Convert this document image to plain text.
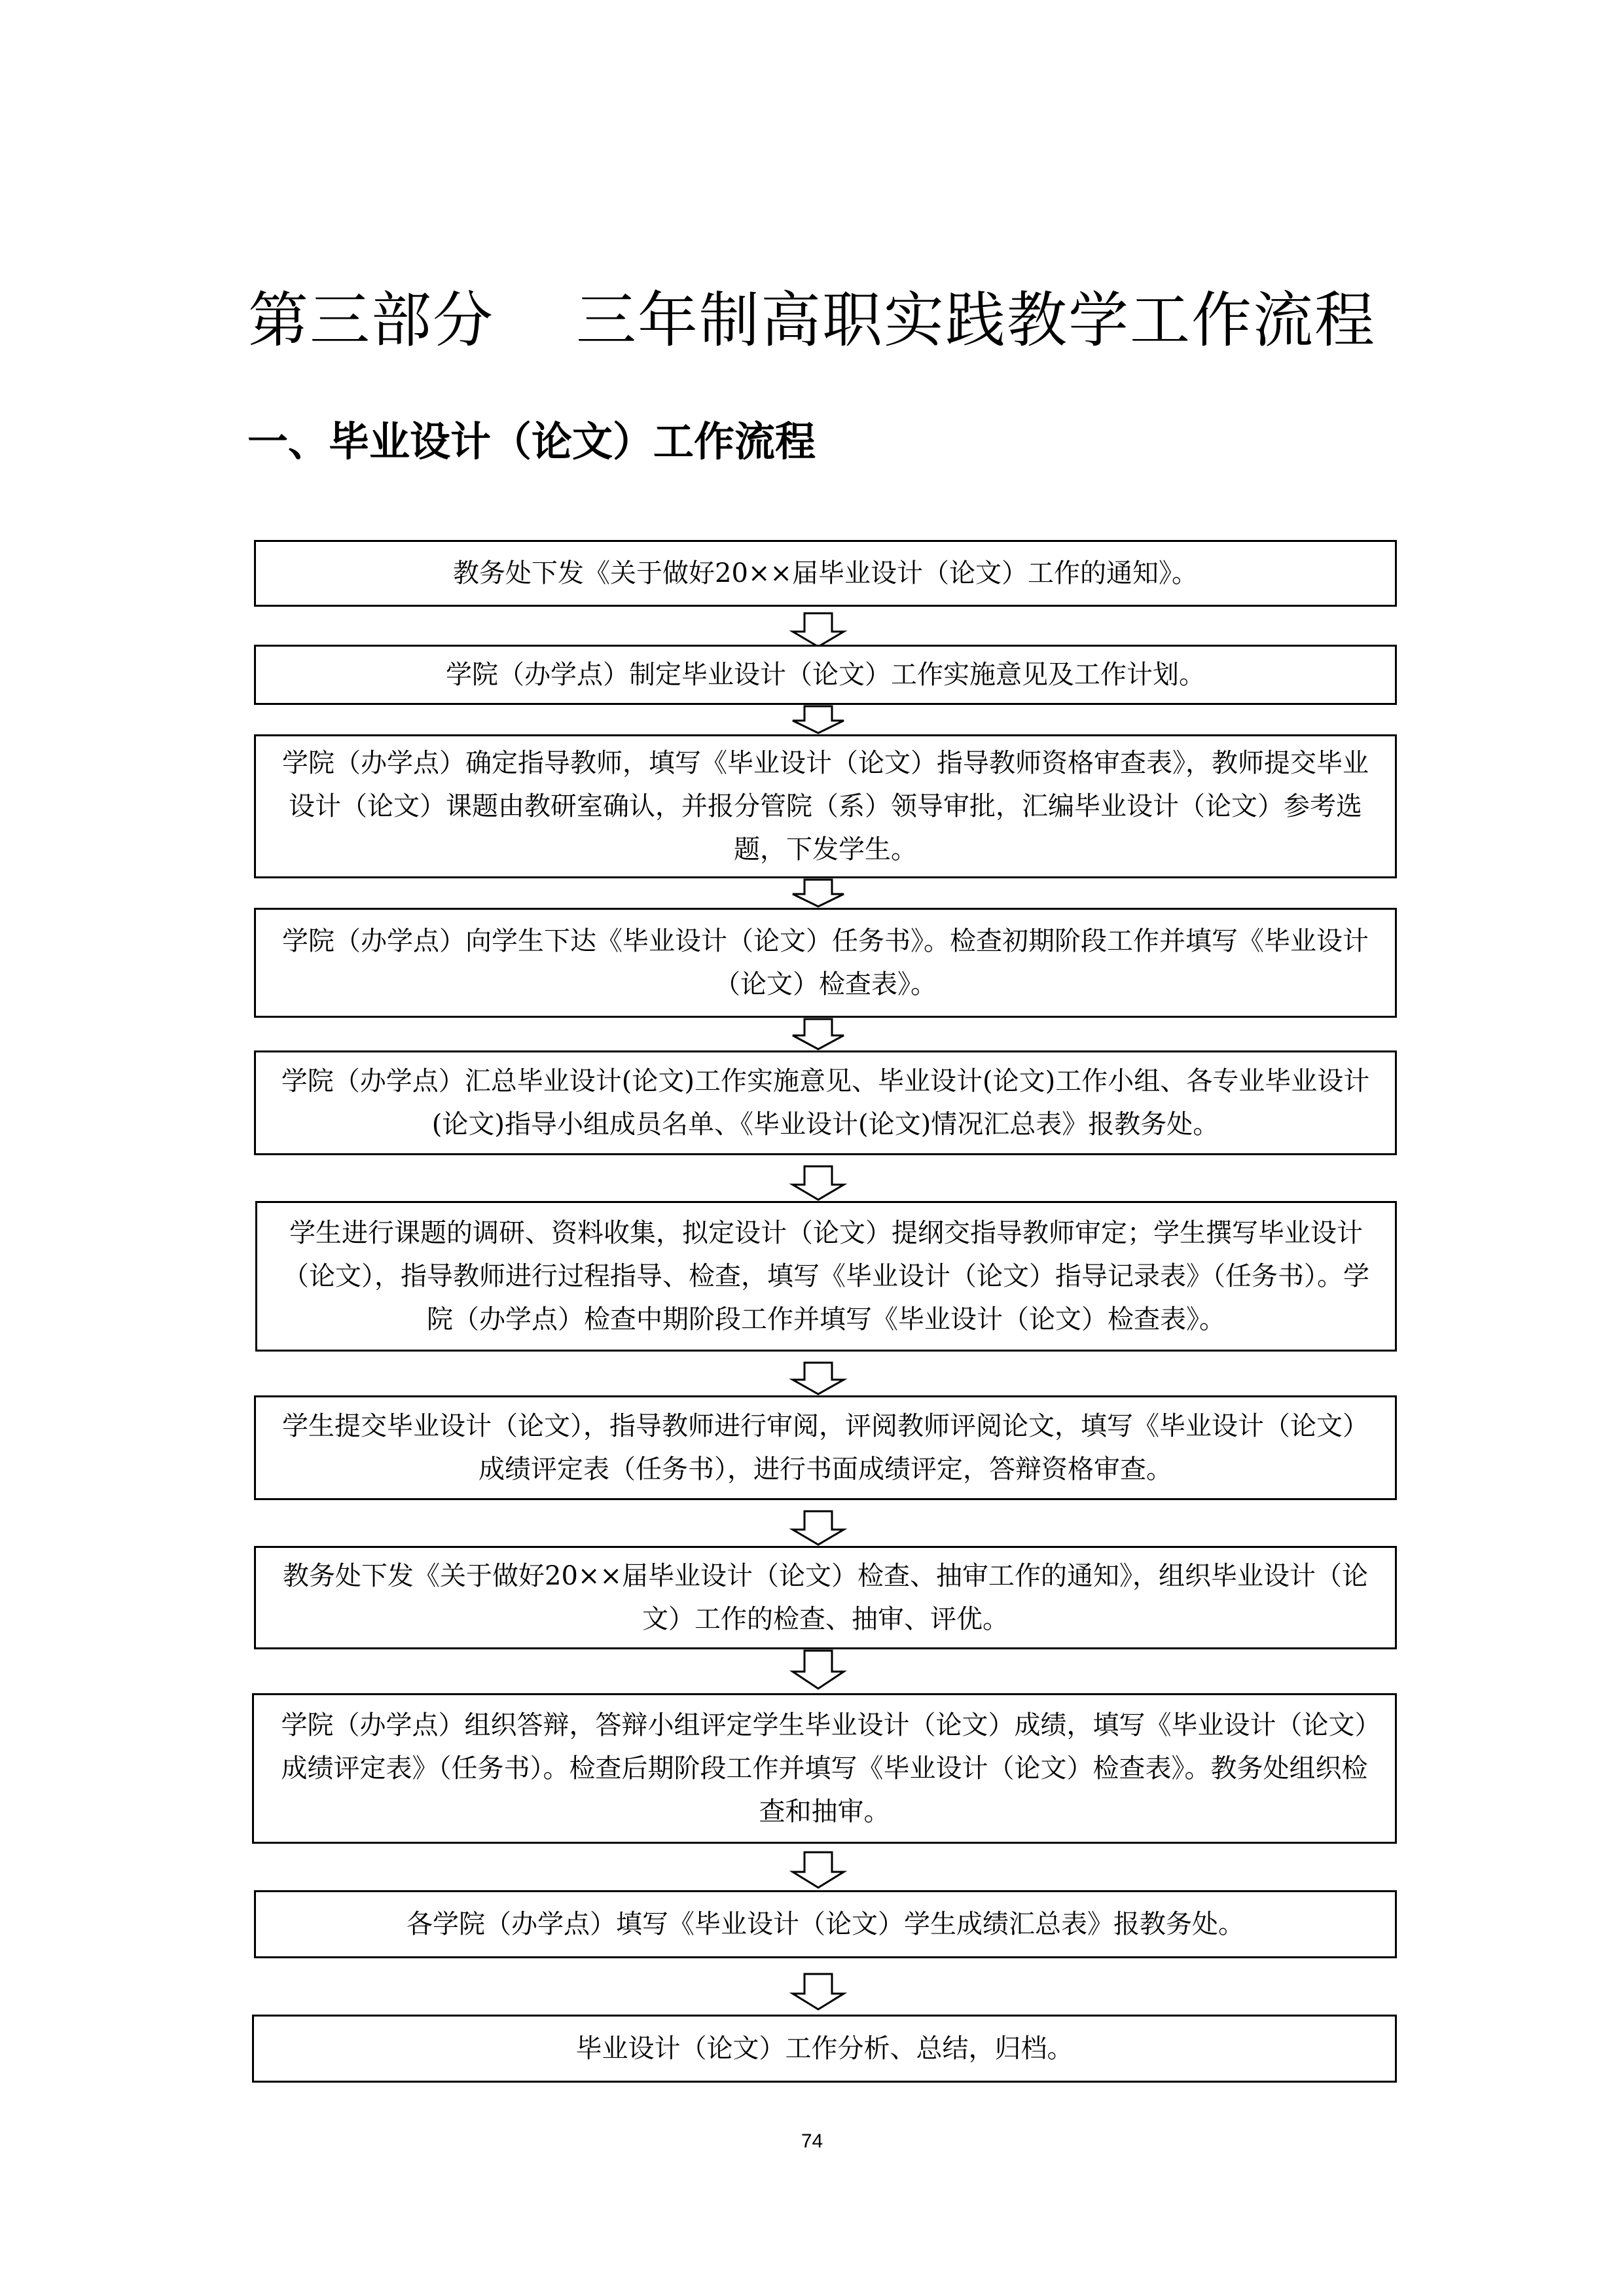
第三部分    三年制高职实践教学工作流程
一、毕业设计（论文）工作流程
教务处下发《关于做好20××届毕业设计（论文）工作的通知》。
学院（办学点）制定毕业设计（论文）工作实施意见及工作计划。
学院（办学点）确定指导教师，填写《毕业设计（论文）指导教师资格审查表》，教师提交毕业设计（论文）课题由教研室确认，并报分管院（系）领导审批，汇编毕业设计（论文）参考选题，下发学生。
学院（办学点）向学生下达《毕业设计（论文）任务书》。检查初期阶段工作并填写《毕业设计（论文）检查表》。
学院（办学点）汇总毕业设计(论文)工作实施意见、毕业设计(论文)工作小组、各专业毕业设计(论文)指导小组成员名单、《毕业设计(论文)情况汇总表》报教务处。
学生进行课题的调研、资料收集，拟定设计（论文）提纲交指导教师审定；学生撰写毕业设计（论文），指导教师进行过程指导、检查，填写《毕业设计（论文）指导记录表》（任务书）。学院（办学点）检查中期阶段工作并填写《毕业设计（论文）检查表》。
学生提交毕业设计（论文），指导教师进行审阅，评阅教师评阅论文，填写《毕业设计（论文）成绩评定表（任务书），进行书面成绩评定，答辩资格审查。
教务处下发《关于做好20××届毕业设计（论文）检查、抽审工作的通知》，组织毕业设计（论文）工作的检查、抽审、评优。
学院（办学点）组织答辩，答辩小组评定学生毕业设计（论文）成绩，填写《毕业设计（论文）成绩评定表》（任务书）。检查后期阶段工作并填写《毕业设计（论文）检查表》。教务处组织检查和抽审。
各学院（办学点）填写《毕业设计（论文）学生成绩汇总表》报教务处。
毕业设计（论文）工作分析、总结，归档。
74
